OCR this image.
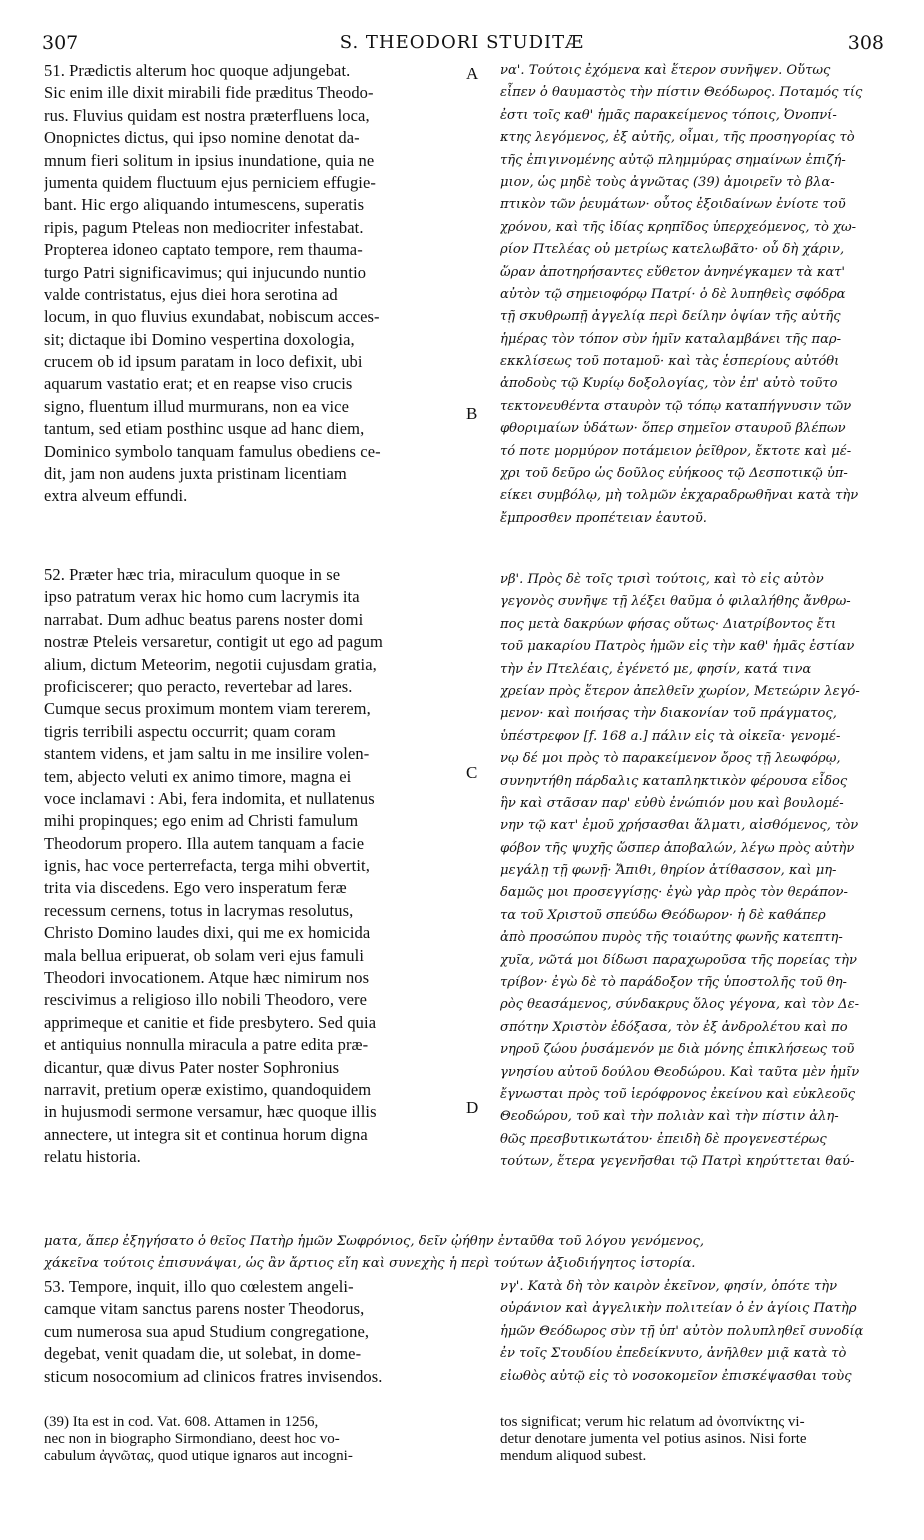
307	S. THEODORI STUDITÆ	308
51. Prædictis alterum hoc quoque adjungebat.
Sic enim ille dixit mirabili fide præditus Theodo-
rus. Fluvius quidam est nostra præterfluens loca,
Onopnictes dictus, qui ipso nomine denotat da-
mnum fieri solitum in ipsius inundatione, quia ne
jumenta quidem fluctuum ejus perniciem effugie-
bant. Hic ergo aliquando intumescens, superatis
ripis, pagum Pteleas non mediocriter infestabat.
Propterea idoneo captato tempore, rem thauma-
turgo Patri significavimus; qui injucundo nuntio
valde contristatus, ejus diei hora serotina ad
locum, in quo fluvius exundabat, nobiscum acces-
sit; dictaque ibi Domino vespertina doxologia,
crucem ob id ipsum paratam in loco defixit, ubi
aquarum vastatio erat; et en reapse viso crucis
signo, fluentum illud murmurans, non ea vice
tantum, sed etiam posthinc usque ad hanc diem,
Dominico symbolo tanquam famulus obediens ce-
dit, jam non audens juxta pristinam licentiam
extra alveum effundi.
52. Præter hæc tria, miraculum quoque in se
ipso patratum verax hic homo cum lacrymis ita
narrabat. Dum adhuc beatus parens noster domi
nostræ Pteleis versaretur, contigit ut ego ad pagum
alium, dictum Meteorim, negotii cujusdam gratia,
proficiscerer; quo peracto, revertebar ad lares.
Cumque secus proximum montem viam tererem,
tigris terribili aspectu occurrit; quam coram
stantem videns, et jam saltu in me insilire volen-
tem, abjecto veluti ex animo timore, magna ei
voce inclamavi : Abi, fera indomita, et nullatenus
mihi propinques; ego enim ad Christi famulum
Theodorum propero. Illa autem tanquam a facie
ignis, hac voce perterrefacta, terga mihi obvertit,
trita via discedens. Ego vero insperatum feræ
recessum cernens, totus in lacrymas resolutus,
Christo Domino laudes dixi, qui me ex homicida
mala bellua eripuerat, ob solam veri ejus famuli
Theodori invocationem. Atque hæc nimirum nos
rescivimus a religioso illo nobili Theodoro, vere
apprimeque et canitie et fide presbytero. Sed quia
et antiquius nonnulla miracula a patre edita præ-
dicantur, quæ divus Pater noster Sophronius
narravit, pretium operæ existimo, quandoquidem
in hujusmodi sermone versamur, hæc quoque illis
annectere, ut integra sit et continua horum digna
relatu historia.
53. Tempore, inquit, illo quo cœlestem angeli-
camque vitam sanctus parens noster Theodorus,
cum numerosa sua apud Studium congregatione,
degebat, venit quadam die, ut solebat, in dome-
sticum nosocomium ad clinicos fratres invisendos.
να'. Τούτοις ἐχόμενα καὶ ἕτερον συνῆψεν. Οὕτως
εἶπεν ὁ θαυμαστὸς τὴν πίστιν Θεόδωρος. Ποταμός τίς
ἐστι τοῖς καθ' ἡμᾶς παρακείμενος τόποις, Ὀνοπνί-
κτης λεγόμενος, ἐξ αὐτῆς, οἶμαι, τῆς προσηγορίας τὸ
τῆς ἐπιγινομένης αὐτῷ πλημμύρας σημαίνων ἐπιζή-
μιον, ὡς μηδὲ τοὺς ἀγνῶτας (39) ἀμοιρεῖν τὸ βλα-
πτικὸν τῶν ῥευμάτων· οὗτος ἐξοιδαίνων ἐνίοτε τοῦ
χρόνου, καὶ τῆς ἰδίας κρηπῖδος ὑπερχεόμενος, τὸ χω-
ρίον Πτελέας οὐ μετρίως κατελωβᾶτο· οὗ δὴ χάριν,
ὥραν ἀποτηρήσαντες εὔθετον ἀνηνέγκαμεν τὰ κατ'
αὐτὸν τῷ σημειοφόρῳ Πατρί· ὁ δὲ λυπηθεὶς σφόδρα
τῇ σκυθρωπῇ ἀγγελίᾳ περὶ δείλην ὀψίαν τῆς αὐτῆς
ἡμέρας τὸν τόπον σὺν ἡμῖν καταλαμβάνει τῆς παρ-
εκκλίσεως τοῦ ποταμοῦ· καὶ τὰς ἑσπερίους αὐτόθι
ἀποδοὺς τῷ Κυρίῳ δοξολογίας, τὸν ἐπ' αὐτὸ τοῦτο
τεκτονευθέντα σταυρὸν τῷ τόπῳ καταπήγνυσιν τῶν
φθοριμαίων ὑδάτων· ὅπερ σημεῖον σταυροῦ βλέπων
τό ποτε μορμύρον ποτάμειον ῥεῖθρον, ἔκτοτε καὶ μέ-
χρι τοῦ δεῦρο ὡς δοῦλος εὐήκοος τῷ Δεσποτικῷ ὑπ-
είκει συμβόλῳ, μὴ τολμῶν ἐκχαραδρωθῆναι κατὰ τὴν
ἔμπροσθεν προπέτειαν ἑαυτοῦ.
νβ'. Πρὸς δὲ τοῖς τρισὶ τούτοις, καὶ τὸ εἰς αὐτὸν
γεγονὸς συνῆψε τῇ λέξει θαῦμα ὁ φιλαλήθης ἄνθρω-
πος μετὰ δακρύων φήσας οὕτως· Διατρίβοντος ἔτι
τοῦ μακαρίου Πατρὸς ἡμῶν εἰς τὴν καθ' ἡμᾶς ἑστίαν
τὴν ἐν Πτελέαις, ἐγένετό με, φησίν, κατά τινα
χρείαν πρὸς ἕτερον ἀπελθεῖν χωρίον, Μετεώριν λεγό-
μενον· καὶ ποιήσας τὴν διακονίαν τοῦ πράγματος,
ὑπέστρεφον [f. 168 a.] πάλιν εἰς τὰ οἰκεῖα· γενομέ-
νῳ δέ μοι πρὸς τὸ παρακείμενον ὄρος τῇ λεωφόρῳ,
συνηντήθη πάρδαλις καταπληκτικὸν φέρουσα εἶδος
ἣν καὶ στᾶσαν παρ' εὐθὺ ἐνώπιόν μου καὶ βουλομέ-
νην τῷ κατ' ἐμοῦ χρήσασθαι ἅλματι, αἰσθόμενος, τὸν
φόβον τῆς ψυχῆς ὥσπερ ἀποβαλών, λέγω πρὸς αὐτὴν
μεγάλῃ τῇ φωνῇ· Ἄπιθι, θηρίον ἀτίθασσον, καὶ μη-
δαμῶς μοι προσεγγίσῃς· ἐγὼ γὰρ πρὸς τὸν θεράπον-
τα τοῦ Χριστοῦ σπεύδω Θεόδωρον· ἡ δὲ καθάπερ
ἀπὸ προσώπου πυρὸς τῆς τοιαύτης φωνῆς κατεπτη-
χυῖα, νῶτά μοι δίδωσι παραχωροῦσα τῆς πορείας τὴν
τρίβον· ἐγὼ δὲ τὸ παράδοξον τῆς ὑποστολῆς τοῦ θη-
ρὸς θεασάμενος, σύνδακρυς ὅλος γέγονα, καὶ τὸν Δε-
σπότην Χριστὸν ἐδόξασα, τὸν ἐξ ἀνδρολέτου καὶ πο
νηροῦ ζώου ῥυσάμενόν με διὰ μόνης ἐπικλήσεως τοῦ
γνησίου αὐτοῦ δούλου Θεοδώρου. Καὶ ταῦτα μὲν ἡμῖν
ἔγνωσται πρὸς τοῦ ἱερόφρονος ἐκείνου καὶ εὐκλεοῦς
Θεοδώρου, τοῦ καὶ τὴν πολιὰν καὶ τὴν πίστιν ἀλη-
θῶς πρεσβυτικωτάτου· ἐπειδὴ δὲ προγενεστέρως
τούτων, ἕτερα γεγενῆσθαι τῷ Πατρὶ κηρύττεται θαύ-
νγ'. Κατὰ δὴ τὸν καιρὸν ἐκεῖνον, φησίν, ὁπότε τὴν
οὐράνιον καὶ ἀγγελικὴν πολιτείαν ὁ ἐν ἁγίοις Πατὴρ
ἡμῶν Θεόδωρος σὺν τῇ ὑπ' αὐτὸν πολυπληθεῖ συνοδίᾳ
ἐν τοῖς Στουδίου ἐπεδείκνυτο, ἀνῆλθεν μιᾷ κατὰ τὸ
εἰωθὸς αὐτῷ εἰς τὸ νοσοκομεῖον ἐπισκέψασθαι τοὺς
ματα, ἅπερ ἐξηγήσατο ὁ θεῖος Πατὴρ ἡμῶν Σωφρόνιος, δεῖν ᾠήθην ἐνταῦθα τοῦ λόγου γενόμενος,
χάκεῖνα τούτοις ἐπισυνάψαι, ὡς ἂν ἄρτιος εἴη καὶ συνεχὴς ἡ περὶ τούτων ἀξιοδιήγητος ἱστορία.
A
B
C
D
(39) Ita est in cod. Vat. 608. Attamen in 1256,
nec non in biographo Sirmondiano, deest hoc vo-
cabulum ἀγνῶτας, quod utique ignaros aut incogni-
tos significat; verum hic relatum ad ὀνοπνίκτης vi-
detur denotare jumenta vel potius asinos. Nisi forte
mendum aliquod subest.
